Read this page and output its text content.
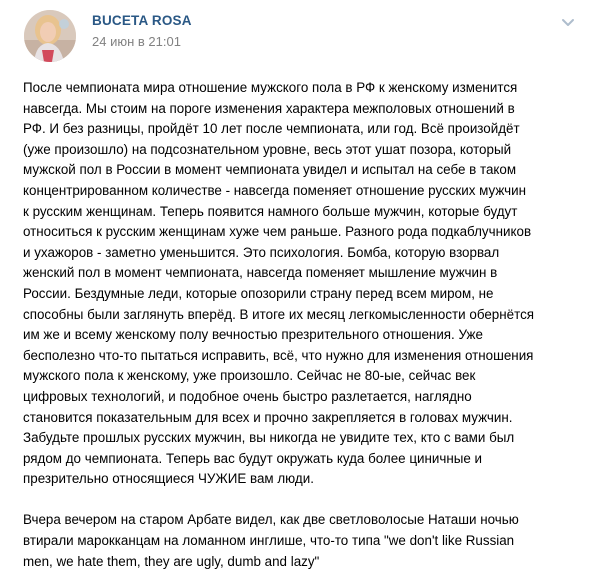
BUCETA ROSA
24 июн в 21:01
После чемпионата мира отношение мужского пола в РФ к женскому изменится
навсегда. Мы стоим на пороге изменения характера межполовых отношений в
РФ. И без разницы, пройдёт 10 лет после чемпионата, или год. Всё произойдёт
(уже произошло) на подсознательном уровне, весь этот ушат позора, который
мужской пол в России в момент чемпионата увидел и испытал на себе в таком
концентрированном количестве - навсегда поменяет отношение русских мужчин
к русским женщинам. Теперь появится намного больше мужчин, которые будут
относиться к русским женщинам хуже чем раньше. Разного рода подкаблучников
и ухажоров - заметно уменьшится. Это психология. Бомба, которую взорвал
женский пол в момент чемпионата, навсегда поменяет мышление мужчин в
России. Бездумные леди, которые опозорили страну перед всем миром, не
способны были заглянуть вперёд. В итоге их месяц легкомысленности обернётся
им же и всему женскому полу вечностью презрительного отношения. Уже
бесполезно что-то пытаться исправить, всё, что нужно для изменения отношения
мужского пола к женскому, уже произошло. Сейчас не 80-ые, сейчас век
цифровых технологий, и подобное очень быстро разлетается, наглядно
становится показательным для всех и прочно закрепляется в головах мужчин.
Забудьте прошлых русских мужчин, вы никогда не увидите тех, кто с вами был
рядом до чемпионата. Теперь вас будут окружать куда более циничные и
презрительно относящиеся ЧУЖИЕ вам люди.
Вчера вечером на старом Арбате видел, как две светловолосые Наташи ночью
втирали марокканцам на ломанном инглише, что-то типа "we don't like Russian
men, we hate them, they are ugly, dumb and lazy"
